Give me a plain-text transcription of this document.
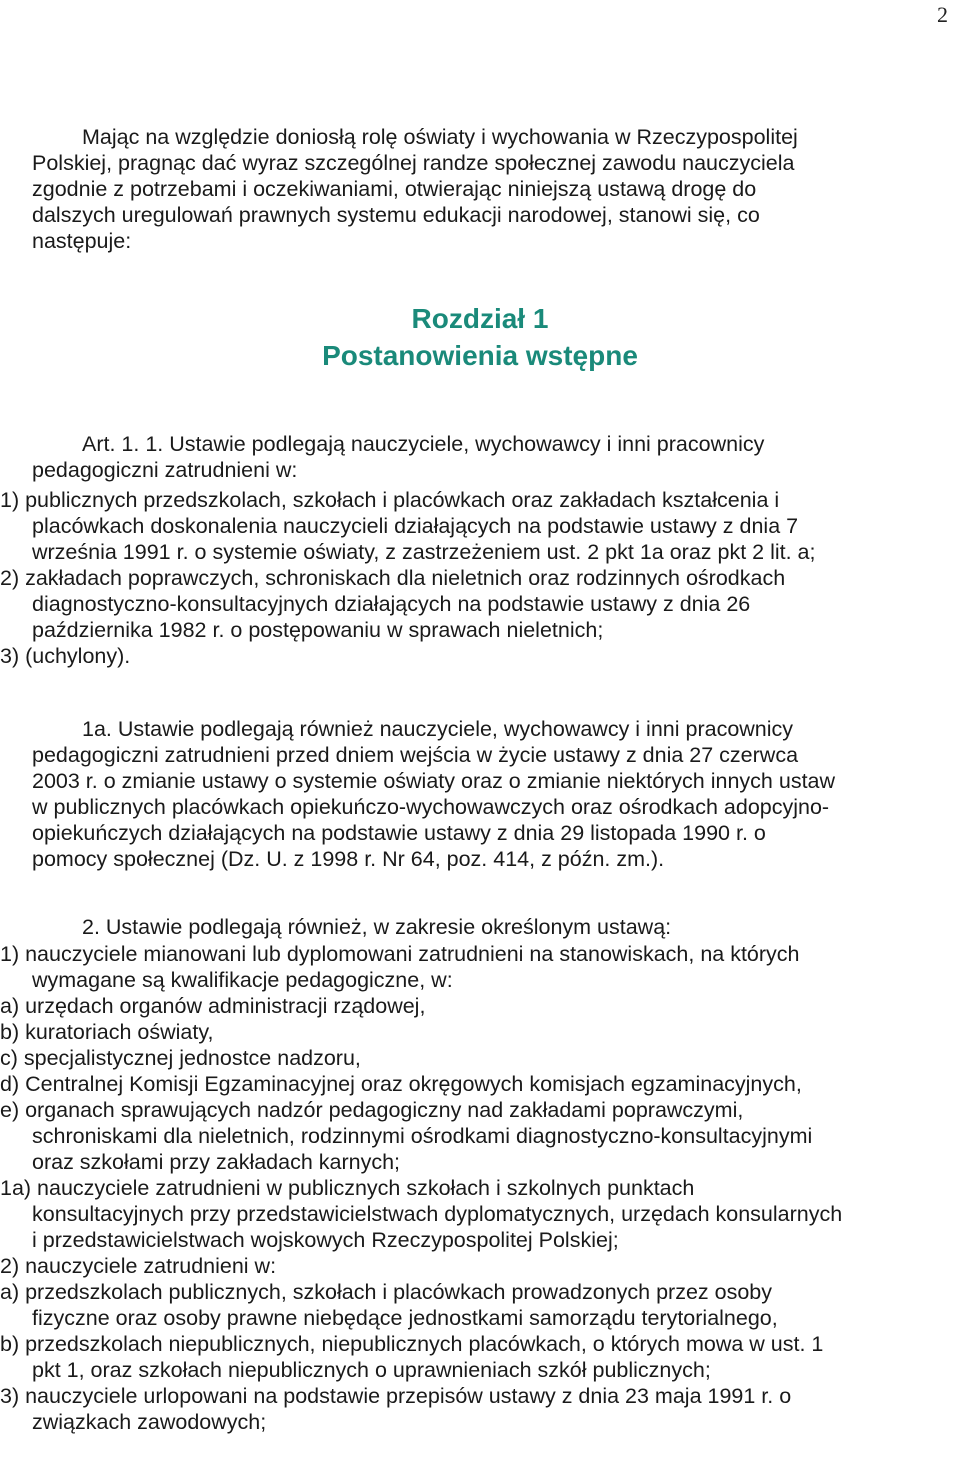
2
Mając na względzie doniosłą rolę oświaty i wychowania w Rzeczypospolitej
Polskiej, pragnąc dać wyraz szczególnej randze społecznej zawodu nauczyciela
zgodnie z potrzebami i oczekiwaniami, otwierając niniejszą ustawą drogę do
dalszych uregulowań prawnych systemu edukacji narodowej, stanowi się, co
następuje:
Rozdział 1
Postanowienia wstępne
Art. 1. 1. Ustawie podlegają nauczyciele, wychowawcy i inni pracownicy
pedagogiczni zatrudnieni w:
1) publicznych przedszkolach, szkołach i placówkach oraz zakładach kształcenia i
placówkach doskonalenia nauczycieli działających na podstawie ustawy z dnia 7
września 1991 r. o systemie oświaty, z zastrzeżeniem ust. 2 pkt 1a oraz pkt 2 lit. a;
2) zakładach poprawczych, schroniskach dla nieletnich oraz rodzinnych ośrodkach
diagnostyczno-konsultacyjnych działających na podstawie ustawy z dnia 26
października 1982 r. o postępowaniu w sprawach nieletnich;
3) (uchylony).
1a. Ustawie podlegają również nauczyciele, wychowawcy i inni pracownicy
pedagogiczni zatrudnieni przed dniem wejścia w życie ustawy z dnia 27 czerwca
2003 r. o zmianie ustawy o systemie oświaty oraz o zmianie niektórych innych ustaw
w publicznych placówkach opiekuńczo-wychowawczych oraz ośrodkach adopcyjno-
opiekuńczych działających na podstawie ustawy z dnia 29 listopada 1990 r. o
pomocy społecznej (Dz. U. z 1998 r. Nr 64, poz. 414, z późn. zm.).
2. Ustawie podlegają również, w zakresie określonym ustawą:
1) nauczyciele mianowani lub dyplomowani zatrudnieni na stanowiskach, na których
wymagane są kwalifikacje pedagogiczne, w:
a) urzędach organów administracji rządowej,
b) kuratoriach oświaty,
c) specjalistycznej jednostce nadzoru,
d) Centralnej Komisji Egzaminacyjnej oraz okręgowych komisjach egzaminacyjnych,
e) organach sprawujących nadzór pedagogiczny nad zakładami poprawczymi,
schroniskami dla nieletnich, rodzinnymi ośrodkami diagnostyczno-konsultacyjnymi
oraz szkołami przy zakładach karnych;
1a) nauczyciele zatrudnieni w publicznych szkołach i szkolnych punktach
konsultacyjnych przy przedstawicielstwach dyplomatycznych, urzędach konsularnych
i przedstawicielstwach wojskowych Rzeczypospolitej Polskiej;
2) nauczyciele zatrudnieni w:
a) przedszkolach publicznych, szkołach i placówkach prowadzonych przez osoby
fizyczne oraz osoby prawne niebędące jednostkami samorządu terytorialnego,
b) przedszkolach niepublicznych, niepublicznych placówkach, o których mowa w ust. 1
pkt 1, oraz szkołach niepublicznych o uprawnieniach szkół publicznych;
3) nauczyciele urlopowani na podstawie przepisów ustawy z dnia 23 maja 1991 r. o
związkach zawodowych;
